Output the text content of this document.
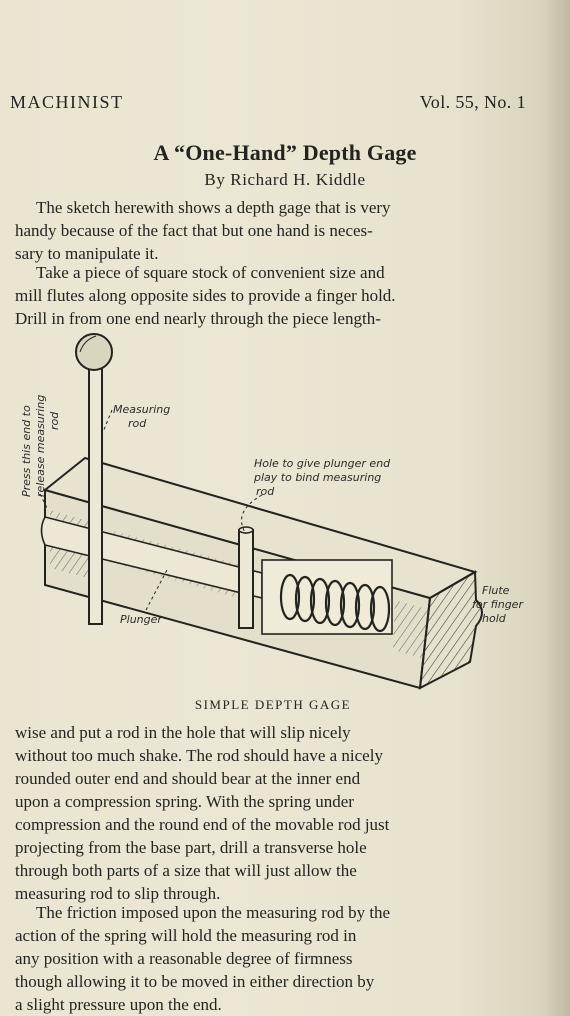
MACHINIST	Vol. 55, No. 1
A “One-Hand” Depth Gage
By Richard H. Kiddle
The sketch herewith shows a depth gage that is very
handy because of the fact that but one hand is neces-
sary to manipulate it.
Take a piece of square stock of convenient size and
mill flutes along opposite sides to provide a finger hold.
Drill in from one end nearly through the piece length-
Press this end to release measuring rod
Measuring
rod
Hole to give plunger end
play to bind measuring
rod
Flute
for finger
hold
Plunger
SIMPLE DEPTH GAGE
wise and put a rod in the hole that will slip nicely
without too much shake. The rod should have a nicely
rounded outer end and should bear at the inner end
upon a compression spring. With the spring under
compression and the round end of the movable rod just
projecting from the base part, drill a transverse hole
through both parts of a size that will just allow the
measuring rod to slip through.
The friction imposed upon the measuring rod by the
action of the spring will hold the measuring rod in
any position with a reasonable degree of firmness
though allowing it to be moved in either direction by
a slight pressure upon the end.
